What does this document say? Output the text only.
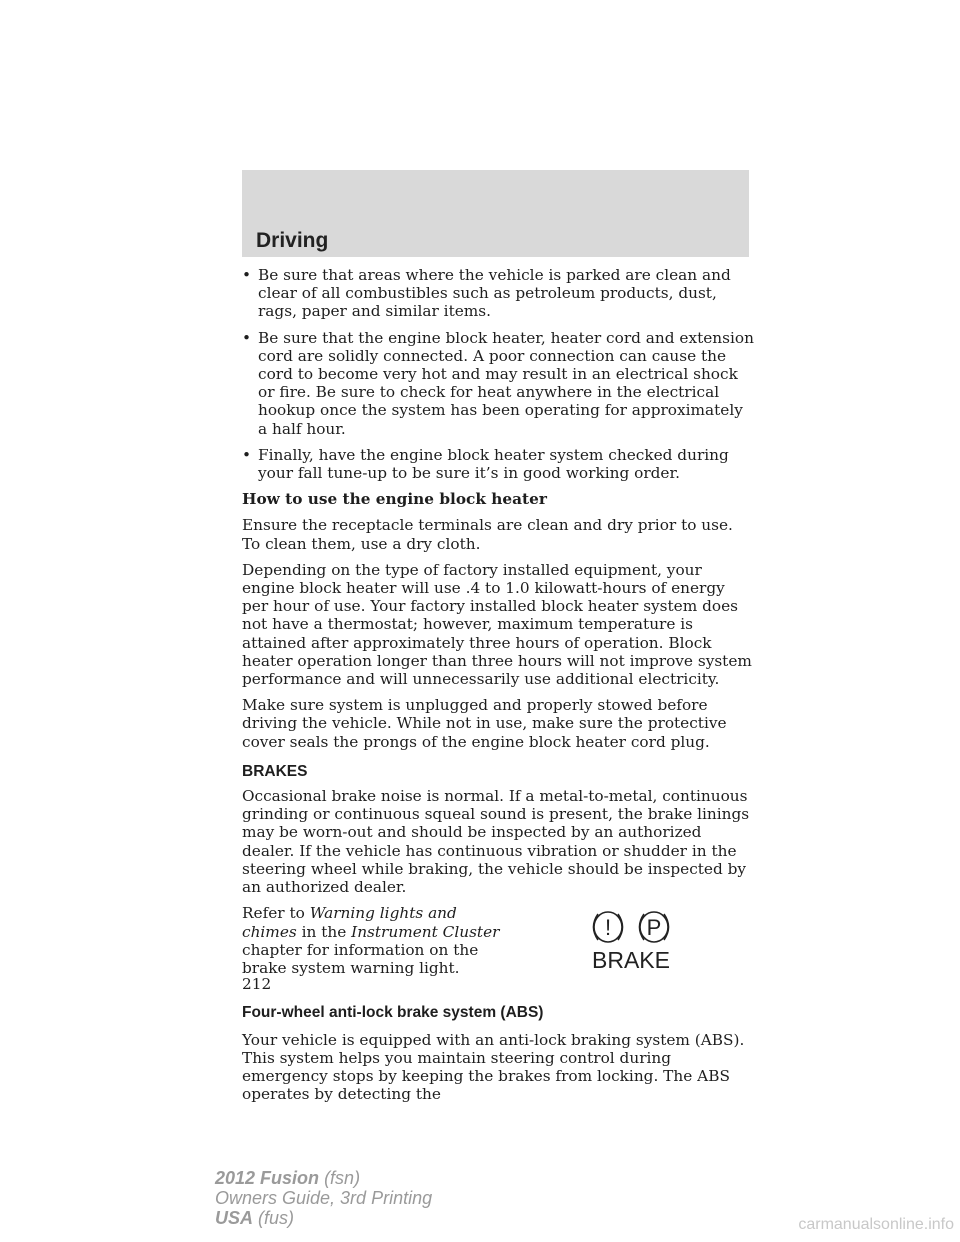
Driving
• Be sure that areas where the vehicle is parked are clean and clear of all combustibles such as petroleum products, dust, rags, paper and similar items.
• Be sure that the engine block heater, heater cord and extension cord are solidly connected. A poor connection can cause the cord to become very hot and may result in an electrical shock or fire. Be sure to check for heat anywhere in the electrical hookup once the system has been operating for approximately a half hour.
• Finally, have the engine block heater system checked during your fall tune-up to be sure it’s in good working order.
How to use the engine block heater

Ensure the receptacle terminals are clean and dry prior to use. To clean them, use a dry cloth.

Depending on the type of factory installed equipment, your engine block heater will use .4 to 1.0 kilowatt-hours of energy per hour of use. Your factory installed block heater system does not have a thermostat; however, maximum temperature is attained after approximately three hours of operation. Block heater operation longer than three hours will not improve system performance and will unnecessarily use additional electricity.

Make sure system is unplugged and properly stowed before driving the vehicle. While not in use, make sure the protective cover seals the prongs of the engine block heater cord plug.

BRAKES

Occasional brake noise is normal. If a metal-to-metal, continuous grinding or continuous squeal sound is present, the brake linings may be worn-out and should be inspected by an authorized dealer. If the vehicle has continuous vibration or shudder in the steering wheel while braking, the vehicle should be inspected by an authorized dealer.

Refer to Warning lights and chimes in the Instrument Cluster chapter for information on the brake system warning light.
! P
BRAKE
Four-wheel anti-lock brake system (ABS)

Your vehicle is equipped with an anti-lock braking system (ABS). This system helps you maintain steering control during emergency stops by keeping the brakes from locking. The ABS operates by detecting the

212
2012 Fusion (fsn)
Owners Guide, 3rd Printing
USA (fus)	carmanualsonline.info
